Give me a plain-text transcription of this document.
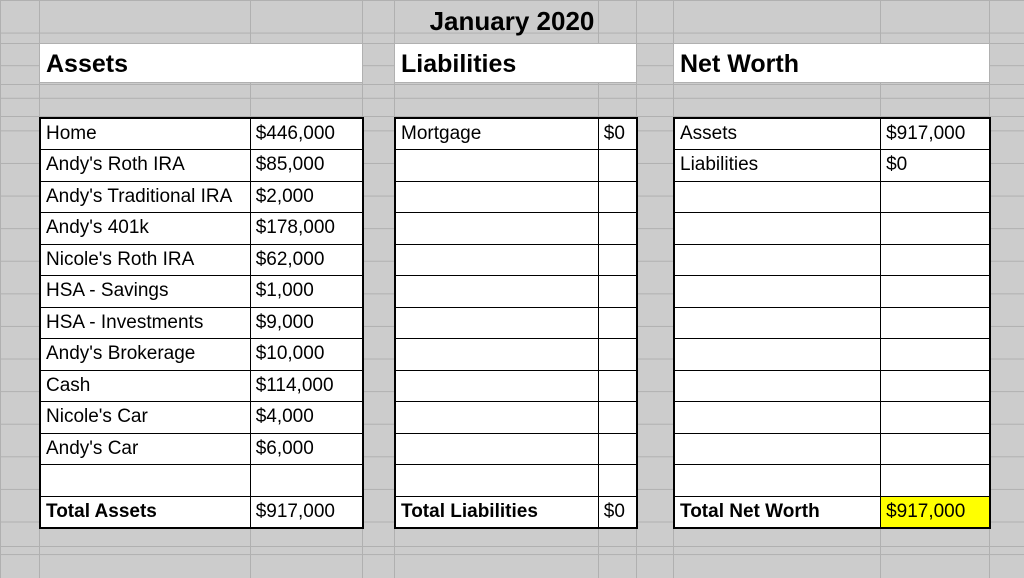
January 2020
Assets	Liabilities	Net Worth
Home	$446,000
Andy's Roth IRA	$85,000
Andy's Traditional IRA	$2,000
Andy's 401k	$178,000
Nicole's Roth IRA	$62,000
HSA - Savings	$1,000
HSA - Investments	$9,000
Andy's Brokerage	$10,000
Cash	$114,000
Nicole's Car	$4,000
Andy's Car	$6,000

Total Assets	$917,000
Mortgage	$0

Total Liabilities	$0
Assets	$917,000
Liabilities	$0

Total Net Worth	$917,000
